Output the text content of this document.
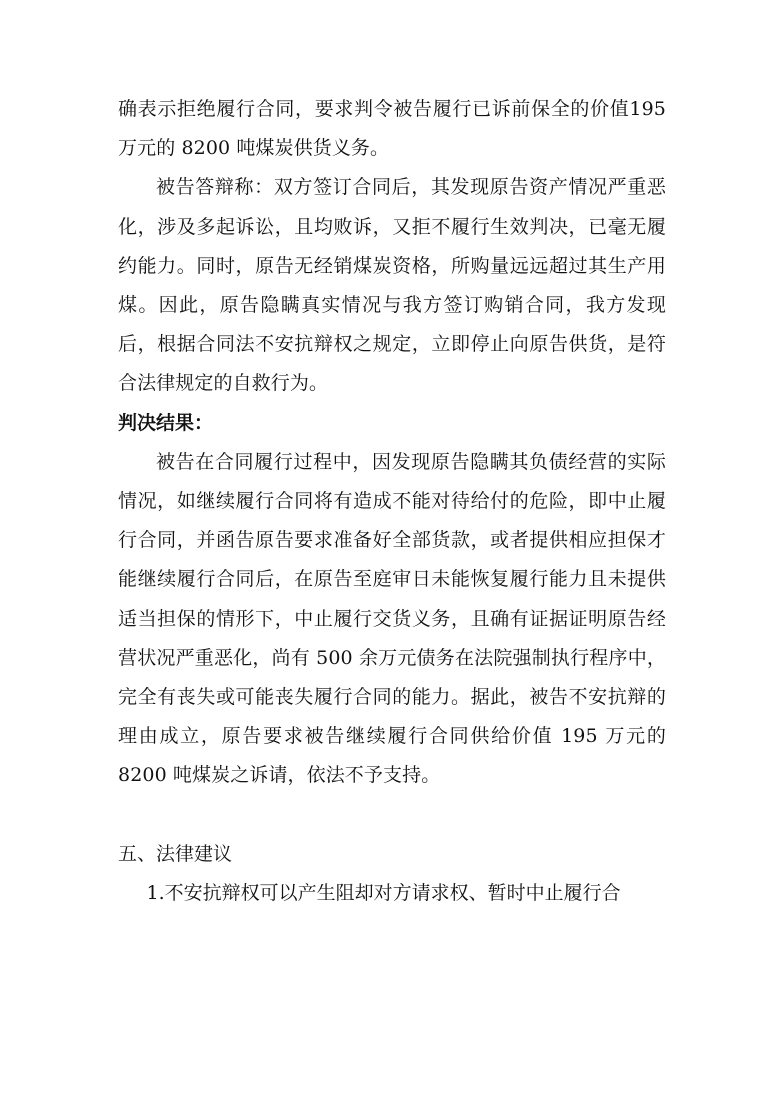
确表示拒绝履行合同，要求判令被告履行已诉前保全的价值195 万元的 8200 吨煤炭供货义务。

被告答辩称：双方签订合同后，其发现原告资产情况严重恶化，涉及多起诉讼，且均败诉，又拒不履行生效判决，已毫无履约能力。同时，原告无经销煤炭资格，所购量远远超过其生产用煤。因此，原告隐瞒真实情况与我方签订购销合同，我方发现后，根据合同法不安抗辩权之规定，立即停止向原告供货，是符合法律规定的自救行为。

判决结果：

被告在合同履行过程中，因发现原告隐瞒其负债经营的实际情况，如继续履行合同将有造成不能对待给付的危险，即中止履行合同，并函告原告要求准备好全部货款，或者提供相应担保才能继续履行合同后，在原告至庭审日未能恢复履行能力且未提供适当担保的情形下，中止履行交货义务，且确有证据证明原告经营状况严重恶化，尚有 500 余万元债务在法院强制执行程序中，完全有丧失或可能丧失履行合同的能力。据此，被告不安抗辩的理由成立，原告要求被告继续履行合同供给价值 195 万元的 8200 吨煤炭之诉请，依法不予支持。

五、法律建议

1.不安抗辩权可以产生阻却对方请求权、暂时中止履行合
